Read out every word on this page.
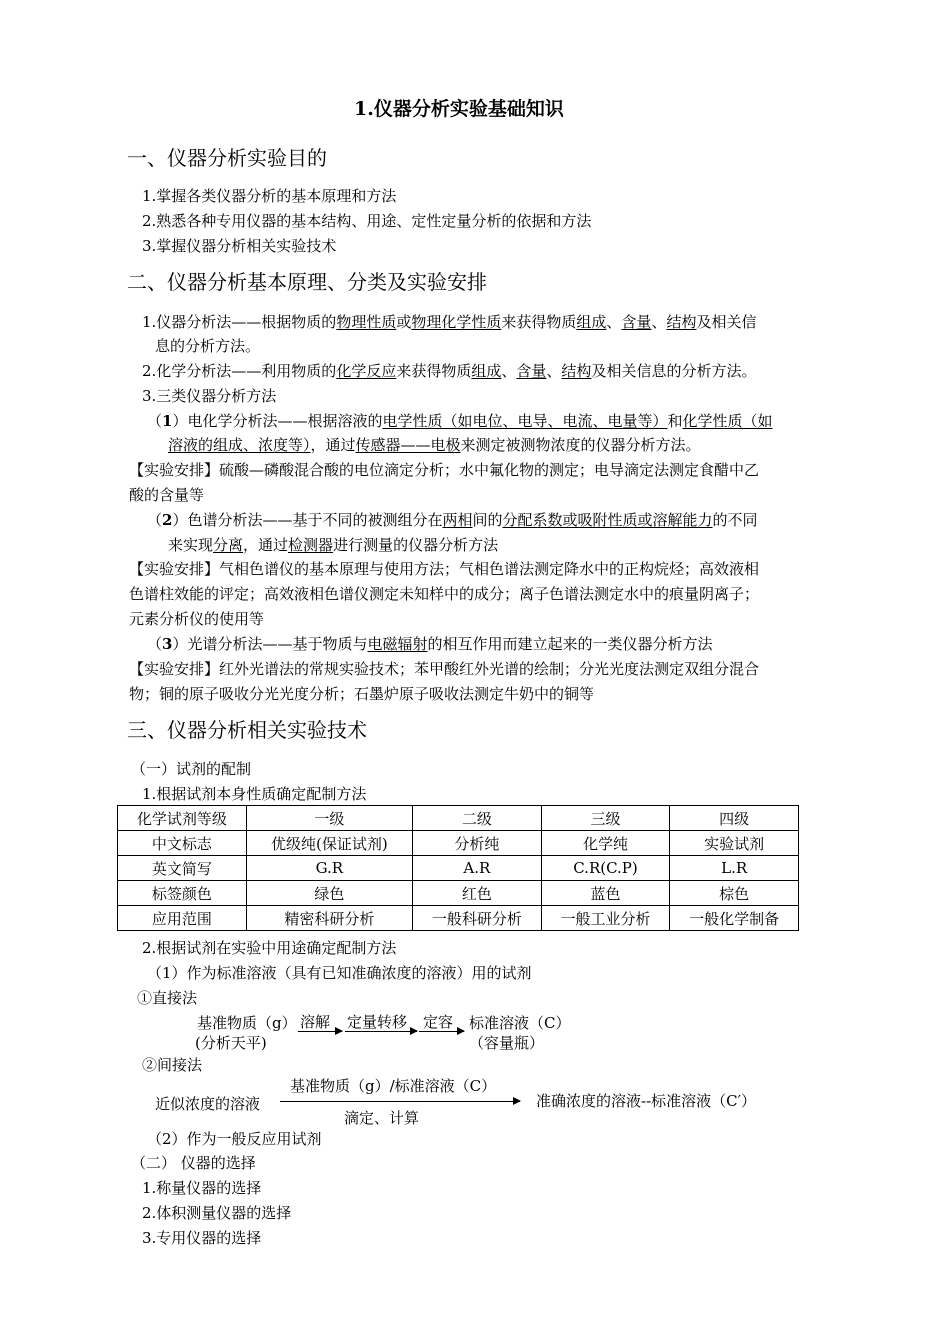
1.仪器分析实验基础知识
一、仪器分析实验目的
1.掌握各类仪器分析的基本原理和方法
2.熟悉各种专用仪器的基本结构、用途、定性定量分析的依据和方法
3.掌握仪器分析相关实验技术
二、仪器分析基本原理、分类及实验安排
1.仪器分析法——根据物质的物理性质或物理化学性质来获得物质组成、含量、结构及相关信
息的分析方法。
2.化学分析法——利用物质的化学反应来获得物质组成、含量、结构及相关信息的分析方法。
3.三类仪器分析方法
（1）电化学分析法——根据溶液的电学性质（如电位、电导、电流、电量等）和化学性质（如
溶液的组成、浓度等），通过传感器——电极来测定被测物浓度的仪器分析方法。
【实验安排】硫酸—磷酸混合酸的电位滴定分析；水中氟化物的测定；电导滴定法测定食醋中乙
酸的含量等
（2）色谱分析法——基于不同的被测组分在两相间的分配系数或吸附性质或溶解能力的不同
来实现分离，通过检测器进行测量的仪器分析方法
【实验安排】气相色谱仪的基本原理与使用方法；气相色谱法测定降水中的正构烷烃；高效液相
色谱柱效能的评定；高效液相色谱仪测定未知样中的成分；离子色谱法测定水中的痕量阴离子；
元素分析仪的使用等
（3）光谱分析法——基于物质与电磁辐射的相互作用而建立起来的一类仪器分析方法
【实验安排】红外光谱法的常规实验技术；苯甲酸红外光谱的绘制；分光光度法测定双组分混合
物；铜的原子吸收分光光度分析；石墨炉原子吸收法测定牛奶中的铜等
三、仪器分析相关实验技术
（一）试剂的配制
1.根据试剂本身性质确定配制方法
化学试剂等级	一级	二级	三级	四级
中文标志	优级纯(保证试剂)	分析纯	化学纯	实验试剂
英文简写	G.R	A.R	C.R(C.P)	L.R
标签颜色	绿色	红色	蓝色	棕色
应用范围	精密科研分析	一般科研分析	一般工业分析	一般化学制备
2.根据试剂在实验中用途确定配制方法
（1）作为标准溶液（具有已知准确浓度的溶液）用的试剂
①直接法
基准物质（g） 溶解 定量转移 定容 标准溶液（C）
(分析天平)	（容量瓶）
②间接法
基准物质（g）/标准溶液（C）
近似浓度的溶液	准确浓度的溶液--标准溶液（C′）
滴定、计算
（2）作为一般反应用试剂
（二） 仪器的选择
1.称量仪器的选择
2.体积测量仪器的选择
3.专用仪器的选择
